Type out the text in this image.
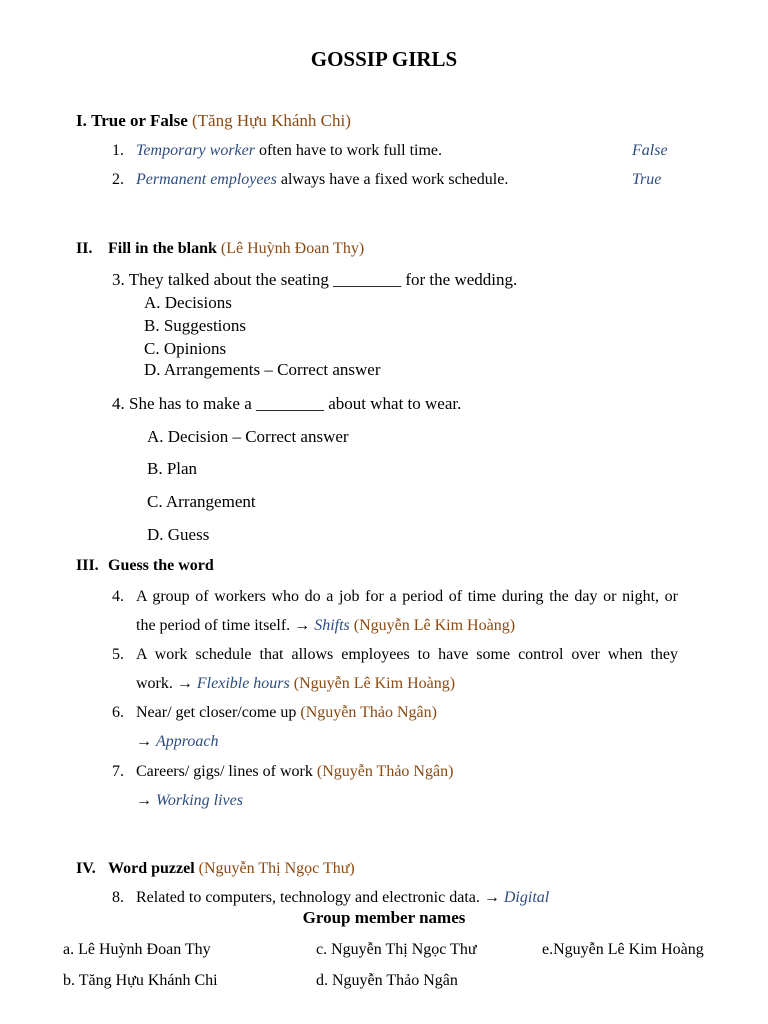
GOSSIP GIRLS
I. True or False (Tăng Hựu Khánh Chi)
1. Temporary worker often have to work full time.	False
2. Permanent employees always have a fixed work schedule.	True
II. Fill in the blank (Lê Huỳnh Đoan Thy)
3. They talked about the seating ________ for the wedding.
A. Decisions
B. Suggestions
C. Opinions
D. Arrangements – Correct answer
4. She has to make a ________ about what to wear.
A. Decision – Correct answer
B. Plan
C. Arrangement
D. Guess
III. Guess the word
4. A group of workers who do a job for a period of time during the day or night, or
the period of time itself. → Shifts (Nguyễn Lê Kim Hoàng)
5. A work schedule that allows employees to have some control over when they
work. → Flexible hours (Nguyễn Lê Kim Hoàng)
6. Near/ get closer/come up (Nguyễn Thảo Ngân)
→ Approach
7. Careers/ gigs/ lines of work (Nguyễn Thảo Ngân)
→ Working lives
IV. Word puzzel (Nguyễn Thị Ngọc Thư)
8. Related to computers, technology and electronic data. → Digital
Group member names
a. Lê Huỳnh Đoan Thy
b. Tăng Hựu Khánh Chi
c. Nguyễn Thị Ngọc Thư
d. Nguyễn Thảo Ngân
e.Nguyễn Lê Kim Hoàng
